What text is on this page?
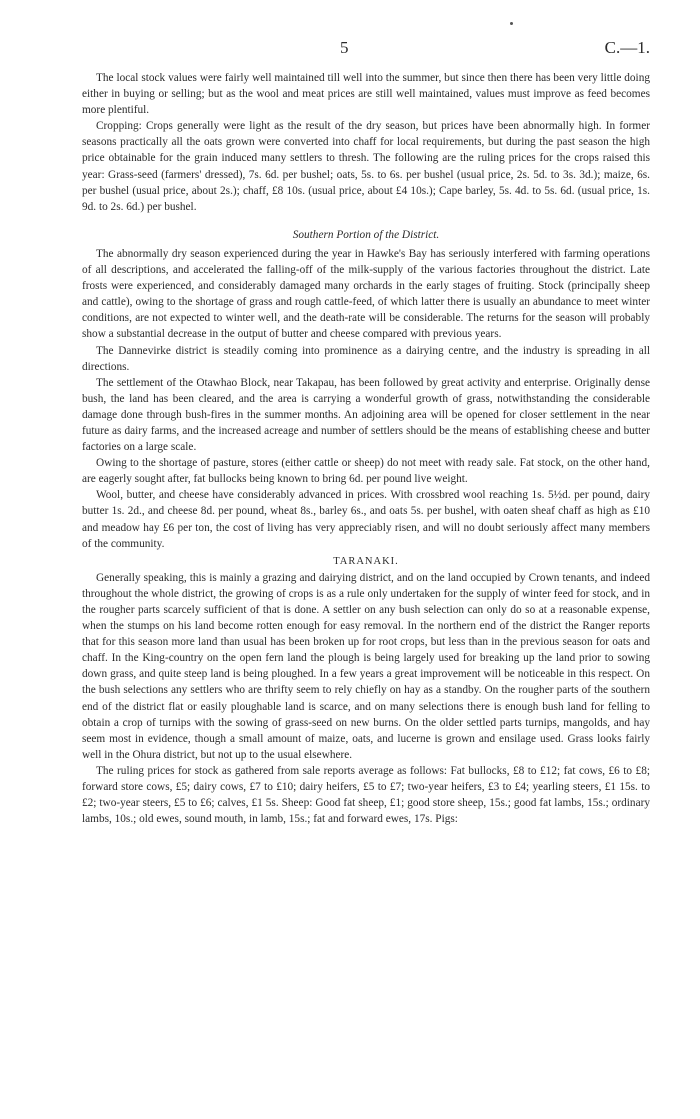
5	C.—1.

The local stock values were fairly well maintained till well into the summer, but since then there has been very little doing either in buying or selling; but as the wool and meat prices are still well maintained, values must improve as feed becomes more plentiful.

Cropping: Crops generally were light as the result of the dry season, but prices have been abnormally high. In former seasons practically all the oats grown were converted into chaff for local requirements, but during the past season the high price obtainable for the grain induced many settlers to thresh. The following are the ruling prices for the crops raised this year: Grass-seed (farmers' dressed), 7s. 6d. per bushel; oats, 5s. to 6s. per bushel (usual price, 2s. 5d. to 3s. 3d.); maize, 6s. per bushel (usual price, about 2s.); chaff, £8 10s. (usual price, about £4 10s.); Cape barley, 5s. 4d. to 5s. 6d. (usual price, 1s. 9d. to 2s. 6d.) per bushel.

Southern Portion of the District.

The abnormally dry season experienced during the year in Hawke's Bay has seriously interfered with farming operations of all descriptions, and accelerated the falling-off of the milk-supply of the various factories throughout the district. Late frosts were experienced, and considerably damaged many orchards in the early stages of fruiting. Stock (principally sheep and cattle), owing to the shortage of grass and rough cattle-feed, of which latter there is usually an abundance to meet winter conditions, are not expected to winter well, and the death-rate will be considerable. The returns for the season will probably show a substantial decrease in the output of butter and cheese compared with previous years.

The Dannevirke district is steadily coming into prominence as a dairying centre, and the industry is spreading in all directions.

The settlement of the Otawhao Block, near Takapau, has been followed by great activity and enterprise. Originally dense bush, the land has been cleared, and the area is carrying a wonderful growth of grass, notwithstanding the considerable damage done through bush-fires in the summer months. An adjoining area will be opened for closer settlement in the near future as dairy farms, and the increased acreage and number of settlers should be the means of establishing cheese and butter factories on a large scale.

Owing to the shortage of pasture, stores (either cattle or sheep) do not meet with ready sale. Fat stock, on the other hand, are eagerly sought after, fat bullocks being known to bring 6d. per pound live weight.

Wool, butter, and cheese have considerably advanced in prices. With crossbred wool reaching 1s. 5½d. per pound, dairy butter 1s. 2d., and cheese 8d. per pound, wheat 8s., barley 6s., and oats 5s. per bushel, with oaten sheaf chaff as high as £10 and meadow hay £6 per ton, the cost of living has very appreciably risen, and will no doubt seriously affect many members of the community.

TARANAKI.

Generally speaking, this is mainly a grazing and dairying district, and on the land occupied by Crown tenants, and indeed throughout the whole district, the growing of crops is as a rule only undertaken for the supply of winter feed for stock, and in the rougher parts scarcely sufficient of that is done. A settler on any bush selection can only do so at a reasonable expense, when the stumps on his land become rotten enough for easy removal. In the northern end of the district the Ranger reports that for this season more land than usual has been broken up for root crops, but less than in the previous season for oats and chaff. In the King-country on the open fern land the plough is being largely used for breaking up the land prior to sowing down grass, and quite steep land is being ploughed. In a few years a great improvement will be noticeable in this respect. On the bush selections any settlers who are thrifty seem to rely chiefly on hay as a standby. On the rougher parts of the southern end of the district flat or easily ploughable land is scarce, and on many selections there is enough bush land for felling to obtain a crop of turnips with the sowing of grass-seed on new burns. On the older settled parts turnips, mangolds, and hay seem most in evidence, though a small amount of maize, oats, and lucerne is grown and ensilage used. Grass looks fairly well in the Ohura district, but not up to the usual elsewhere.

The ruling prices for stock as gathered from sale reports average as follows: Fat bullocks, £8 to £12; fat cows, £6 to £8; forward store cows, £5; dairy cows, £7 to £10; dairy heifers, £5 to £7; two-year heifers, £3 to £4; yearling steers, £1 15s. to £2; two-year steers, £5 to £6; calves, £1 5s. Sheep: Good fat sheep, £1; good store sheep, 15s.; good fat lambs, 15s.; ordinary lambs, 10s.; old ewes, sound mouth, in lamb, 15s.; fat and forward ewes, 17s. Pigs:
